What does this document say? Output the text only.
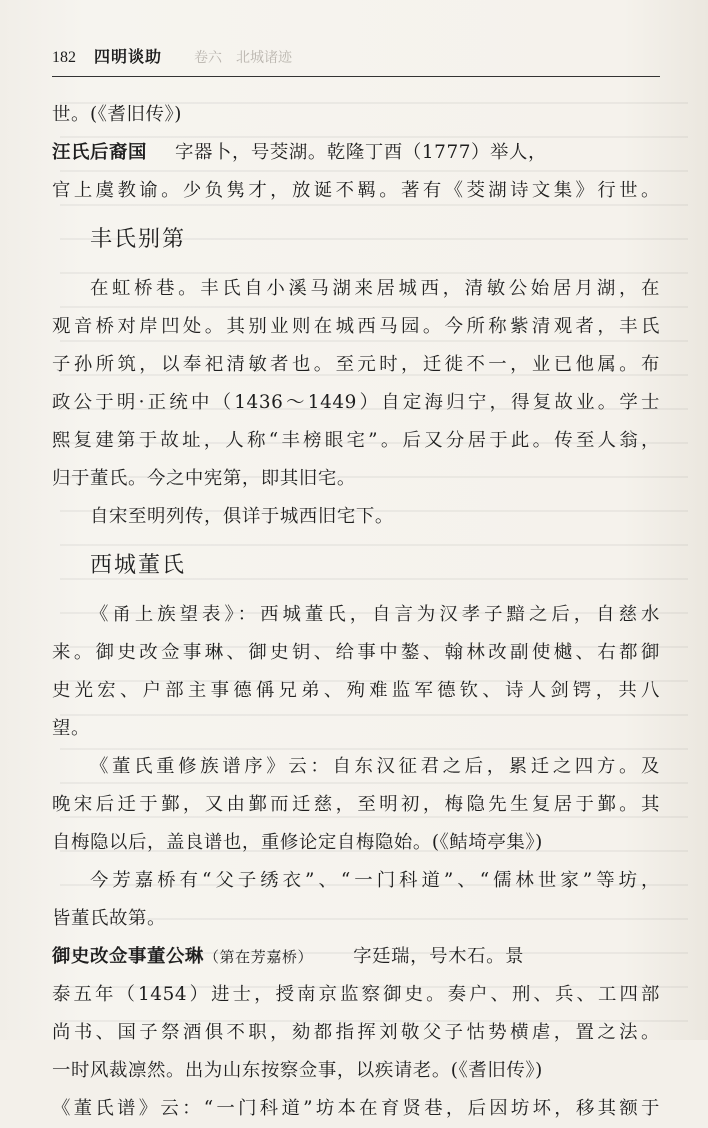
182 四明谈助 卷六　北城诸迹
世。(《耆旧传》)
汪氏后裔国 字器卜，号茭湖。乾隆丁酉（1777）举人，
官上虞教谕。少负隽才，放诞不羁。著有《茭湖诗文集》行世。
丰氏别第
在虹桥巷。丰氏自小溪马湖来居城西，清敏公始居月湖，在
观音桥对岸凹处。其别业则在城西马园。今所称紫清观者，丰氏
子孙所筑，以奉祀清敏者也。至元时，迁徙不一，业已他属。布
政公于明·正统中（1436～1449）自定海归宁，得复故业。学士
熙复建第于故址，人称“丰榜眼宅”。后又分居于此。传至人翁，
归于董氏。今之中宪第，即其旧宅。
自宋至明列传，俱详于城西旧宅下。
西城董氏
《甬上族望表》：西城董氏，自言为汉孝子黯之后，自慈水
来。御史改佥事琳、御史钥、给事中鏊、翰林改副使樾、右都御
史光宏、户部主事德偁兄弟、殉难监军德钦、诗人剑锷，共八
望。
《董氏重修族谱序》云：自东汉征君之后，累迁之四方。及
晚宋后迁于鄞，又由鄞而迁慈，至明初，梅隐先生复居于鄞。其
自梅隐以后，盖良谱也，重修论定自梅隐始。(《鲒埼亭集》)
今芳嘉桥有“父子绣衣”、“一门科道”、“儒林世家”等坊，
皆董氏故第。
御史改佥事董公琳（第在芳嘉桥） 字廷瑞，号木石。景
泰五年（1454）进士，授南京监察御史。奏户、刑、兵、工四部
尚书、国子祭酒俱不职，劾都指挥刘敬父子怙势横虐，置之法。
一时风裁凛然。出为山东按察佥事，以疾请老。(《耆旧传》)
《董氏谱》云：“一门科道”坊本在育贤巷，后因坊坏，移其额于
